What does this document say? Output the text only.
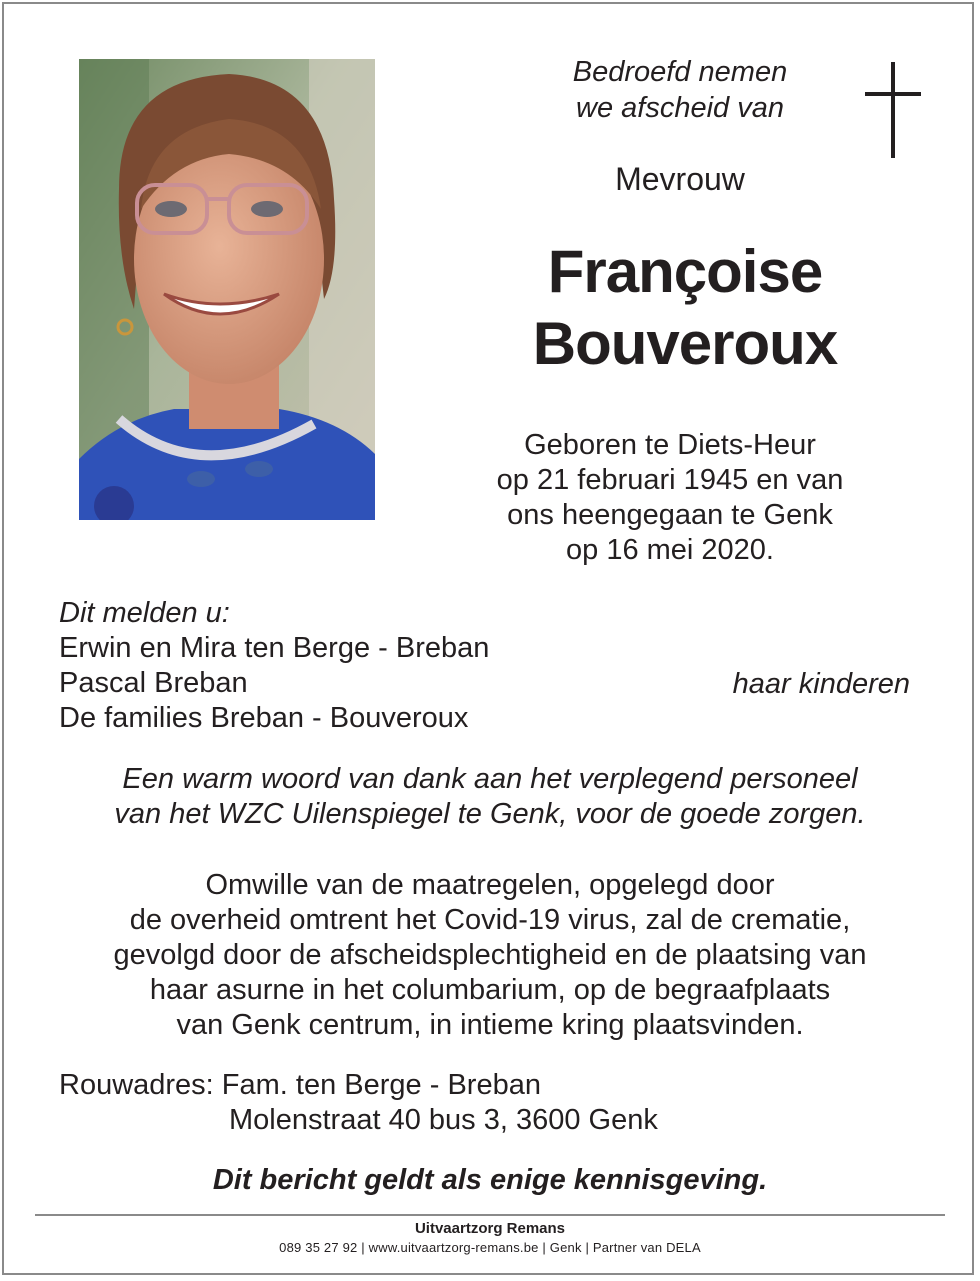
Bedroefd nemen
we afscheid van
Mevrouw
Françoise
Bouveroux
Geboren te Diets-Heur
op 21 februari 1945 en van
ons heengegaan te Genk
op 16 mei 2020.
Dit melden u:
Erwin en Mira ten Berge - Breban
Pascal Breban
De families Breban - Bouveroux
haar kinderen
Een warm woord van dank aan het verplegend personeel
van het WZC Uilenspiegel te Genk, voor de goede zorgen.
Omwille van de maatregelen, opgelegd door
de overheid omtrent het Covid-19 virus, zal de crematie,
gevolgd door de afscheidsplechtigheid en de plaatsing van
haar asurne in het columbarium, op de begraafplaats
van Genk centrum, in intieme kring plaatsvinden.
Rouwadres: Fam. ten Berge - Breban
Molenstraat 40 bus 3, 3600 Genk
Dit bericht geldt als enige kennisgeving.
Uitvaartzorg Remans
089 35 27 92 | www.uitvaartzorg-remans.be | Genk | Partner van DELA
